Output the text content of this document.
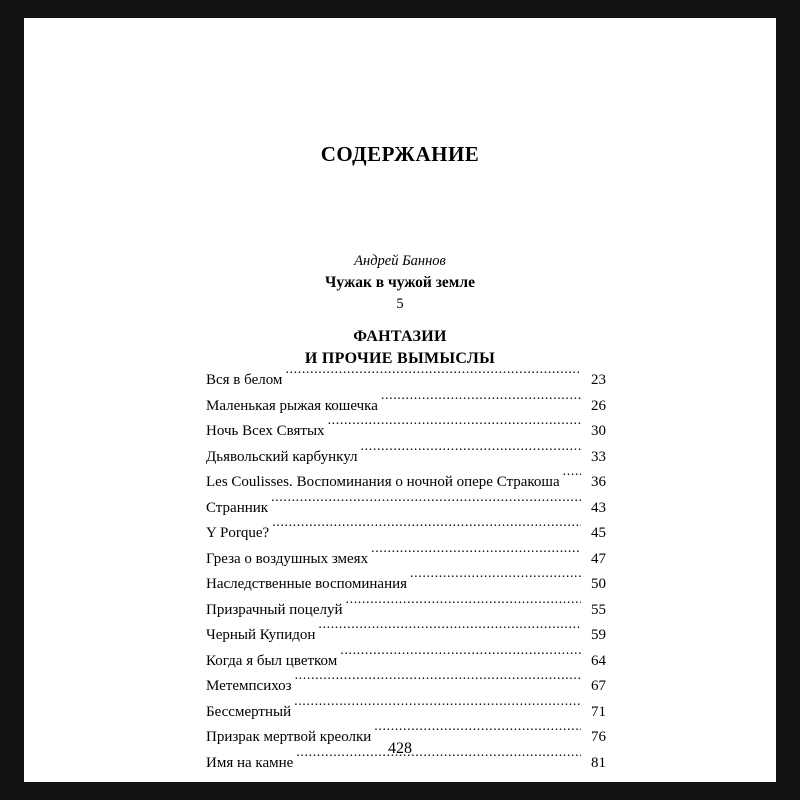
СОДЕРЖАНИЕ
Андрей Баннов
Чужак в чужой земле
5
ФАНТАЗИИ
И ПРОЧИЕ ВЫМЫСЛЫ
Вся в белом .....	23
Маленькая рыжая кошечка .....	26
Ночь Всех Святых .....	30
Дьявольский карбункул .....	33
Les Coulisses. Воспоминания о ночной опере Стракоша .....	36
Странник .....	43
Y Porque? .....	45
Греза о воздушных змеях .....	47
Наследственные воспоминания .....	50
Призрачный поцелуй .....	55
Черный Купидон .....	59
Когда я был цветком .....	64
Метемпсихоз .....	67
Бессмертный .....	71
Призрак мертвой креолки .....	76
Имя на камне .....	81
428
